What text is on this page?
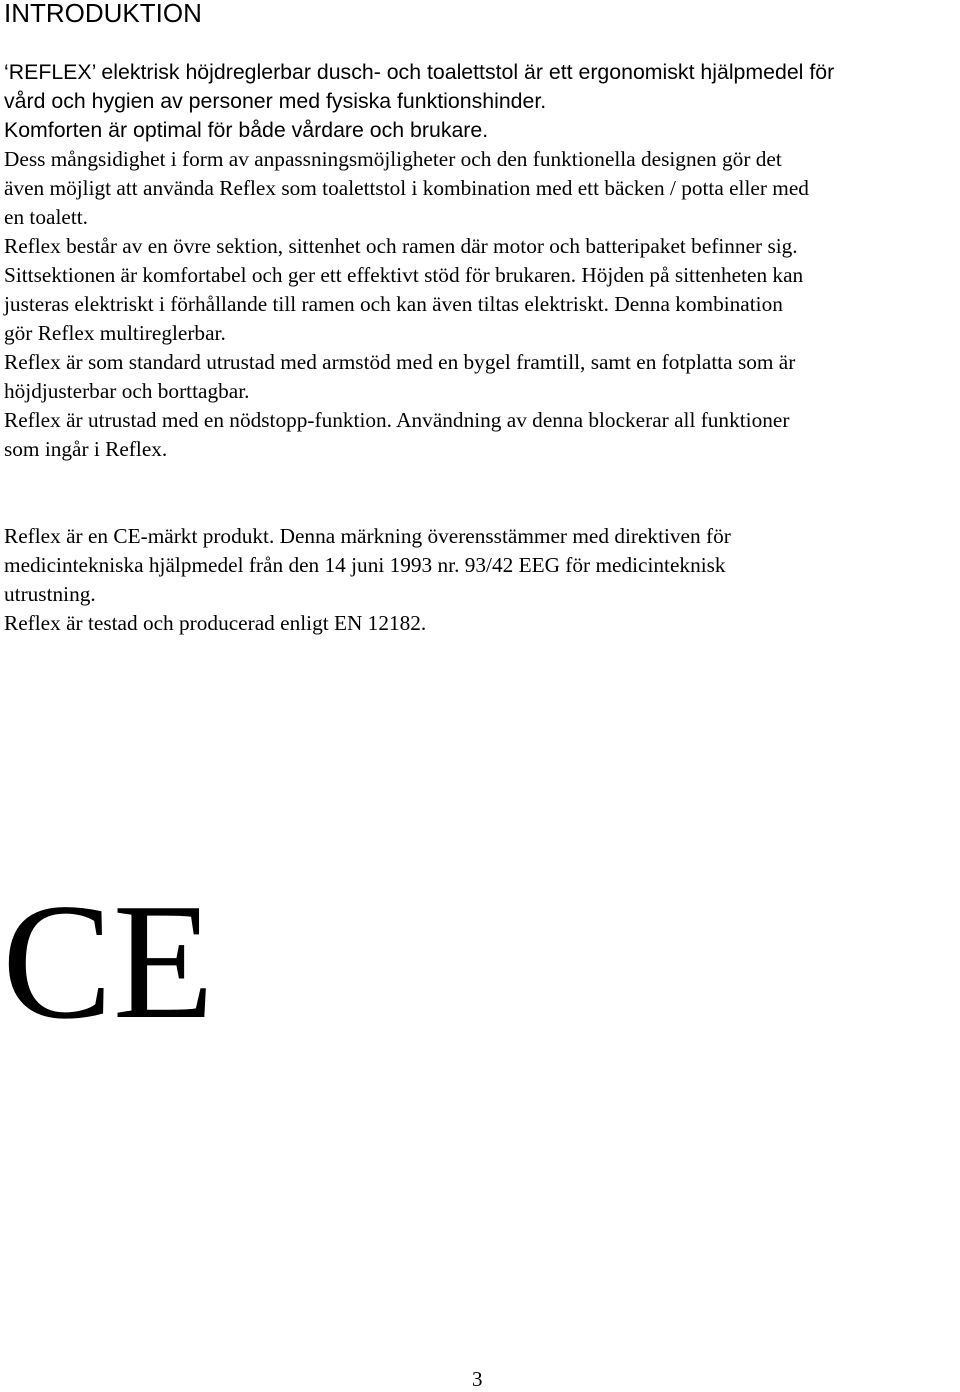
INTRODUKTION
‘REFLEX’ elektrisk höjdreglerbar dusch- och toalettstol är ett ergonomiskt hjälpmedel för
vård och hygien av personer med fysiska funktionshinder.
Komforten är optimal för både vårdare och brukare.
Dess mångsidighet i form av anpassningsmöjligheter och den funktionella designen gör det
även möjligt att använda Reflex som toalettstol i kombination med ett bäcken / potta eller med
en toalett.
Reflex består av en övre sektion, sittenhet och ramen där motor och batteripaket befinner sig.
Sittsektionen är komfortabel och ger ett effektivt stöd för brukaren. Höjden på sittenheten kan
justeras elektriskt i förhållande till ramen och kan även tiltas elektriskt. Denna kombination
gör Reflex multireglerbar.
Reflex är som standard utrustad med armstöd med en bygel framtill, samt en fotplatta som är
höjdjusterbar och borttagbar.
Reflex är utrustad med en nödstopp-funktion. Användning av denna blockerar all funktioner
som ingår i Reflex.
Reflex är en CE-märkt produkt. Denna märkning överensstämmer med direktiven för
medicintekniska hjälpmedel från den 14 juni 1993 nr. 93/42 EEG för medicinteknisk
utrustning.
Reflex är testad och producerad enligt EN 12182.
CE
3
